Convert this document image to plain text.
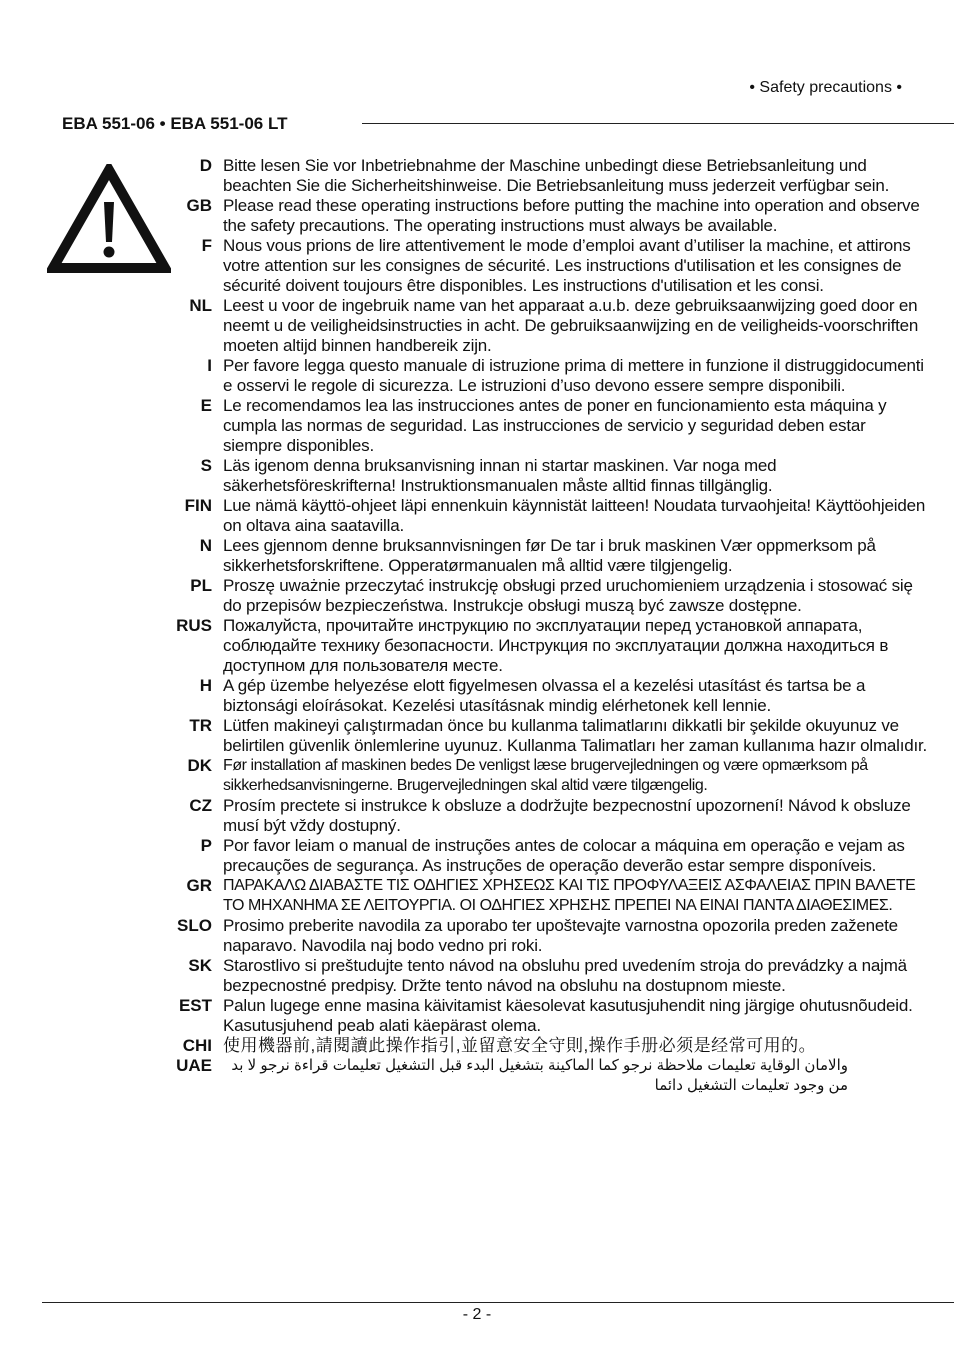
• Safety precautions •
EBA 551-06 • EBA 551-06 LT
D Bitte lesen Sie vor Inbetriebnahme der Maschine unbedingt diese Betriebsanleitung und beachten Sie die Sicherheitshinweise. Die Betriebsanleitung muss jederzeit verfügbar sein.
GB Please read these operating instructions before putting the machine into operation and observe the safety precautions. The operating instructions must always be available.
F Nous vous prions de lire attentivement le mode d’emploi avant d’utiliser la machine, et attirons votre attention sur les consignes de sécurité. Les instructions d'utilisation et les consignes de sécurité doivent toujours être disponibles. Les instructions d'utilisation et les consi.
NL Leest u voor de ingebruik name van het apparaat a.u.b. deze gebruiksaanwijzing goed door en neemt u de veiligheidsinstructies in acht. De gebruiksaanwijzing en de veiligheids-voorschriften moeten altijd binnen handbereik zijn.
I Per favore legga questo manuale di istruzione prima di mettere in funzione il distruggidocumenti e osservi le regole di sicurezza. Le istruzioni d’uso devono essere sempre disponibili.
E Le recomendamos lea las instrucciones antes de poner en funcionamiento esta máquina y cumpla las normas de seguridad. Las instrucciones de servicio y seguridad deben estar siempre disponibles.
S Läs igenom denna bruksanvisning innan ni startar maskinen. Var noga med säkerhetsföreskrifterna! Instruktionsmanualen måste alltid finnas tillgänglig.
FIN Lue nämä käyttö-ohjeet läpi ennenkuin käynnistät laitteen! Noudata turvaohjeita! Käyttöohjeiden on oltava aina saatavilla.
N Lees gjennom denne bruksannvisningen før De tar i bruk maskinen Vær oppmerksom på sikkerhetsforskriftene. Opperatørmanualen må alltid være tilgjengelig.
PL Proszę uważnie przeczytać instrukcję obsługi przed uruchomieniem urządzenia i stosować się do przepisów bezpieczeństwa. Instrukcje obsługi muszą być zawsze dostępne.
RUS Пожалуйста, прочитайте инструкцию по эксплуатации перед установкой аппарата, соблюдайте технику безопасности. Инструкция по эксплуатации должна находиться в доступном для пользователя месте.
H A gép üzembe helyezése elott figyelmesen olvassa el a kezelési utasítást és tartsa be a biztonsági eloírásokat. Kezelési utasításnak mindig elérhetonek kell lennie.
TR Lütfen makineyi çalıştırmadan önce bu kullanma talimatlarını dikkatli bir şekilde okuyunuz ve belirtilen güvenlik önlemlerine uyunuz. Kullanma Talimatları her zaman kullanıma hazır olmalıdır.
DK Før installation af maskinen bedes De venligst læse brugervejledningen og være opmærksom på sikkerhedsanvisningerne. Brugervejledningen skal altid være tilgængelig.
CZ Prosím prectete si instrukce k obsluze a dodržujte bezpecnostní upozornení! Návod k obsluze musí být vždy dostupný.
P Por favor leiam o manual de instruções antes de colocar a máquina em operação e vejam as precauções de segurança. As instruções de operação deverão estar sempre disponíveis.
GR ΠΑΡΑΚΑΛΩ ΔΙΑΒΑΣΤΕ ΤΙΣ ΟΔΗΓΙΕΣ ΧΡΗΣΕΩΣ ΚΑΙ ΤΙΣ ΠΡΟΦΥΛΑΞΕΙΣ ΑΣΦΑΛΕΙΑΣ ΠΡΙΝ ΒΑΛΕΤΕ ΤΟ ΜΗΧΑΝΗΜΑ ΣΕ ΛΕΙΤΟΥΡΓΙΑ. ΟΙ ΟΔΗΓΙΕΣ ΧΡΗΣΗΣ ΠΡΕΠΕΙ ΝΑ ΕΙΝΑΙ ΠΑΝΤΑ ΔΙΑΘΕΣΙΜΕΣ.
SLO Prosimo preberite navodila za uporabo ter upoštevajte varnostna opozorila preden zaženete naparavo. Navodila naj bodo vedno pri roki.
SK Starostlivo si preštudujte tento návod na obsluhu pred uvedením stroja do prevádzky a najmä bezpecnostné predpisy. Držte tento návod na obsluhu na dostupnom mieste.
EST Palun lugege enne masina käivitamist käesolevat kasutusjuhendit ning järgige ohutusnõudeid. Kasutusjuhend peab alati käepärast olema.
CHI 使用機器前,請閱讀此操作指引,並留意安全守則,操作手册必须是经常可用的。
UAE	والامان الوقاية تعليمات ملاحظة نرجو كما الماكينة بتشغيل البدء قبل التشغيل تعليمات قراءة نرجو لا بد من وجود تعليمات التشغيل دائما
- 2 -
